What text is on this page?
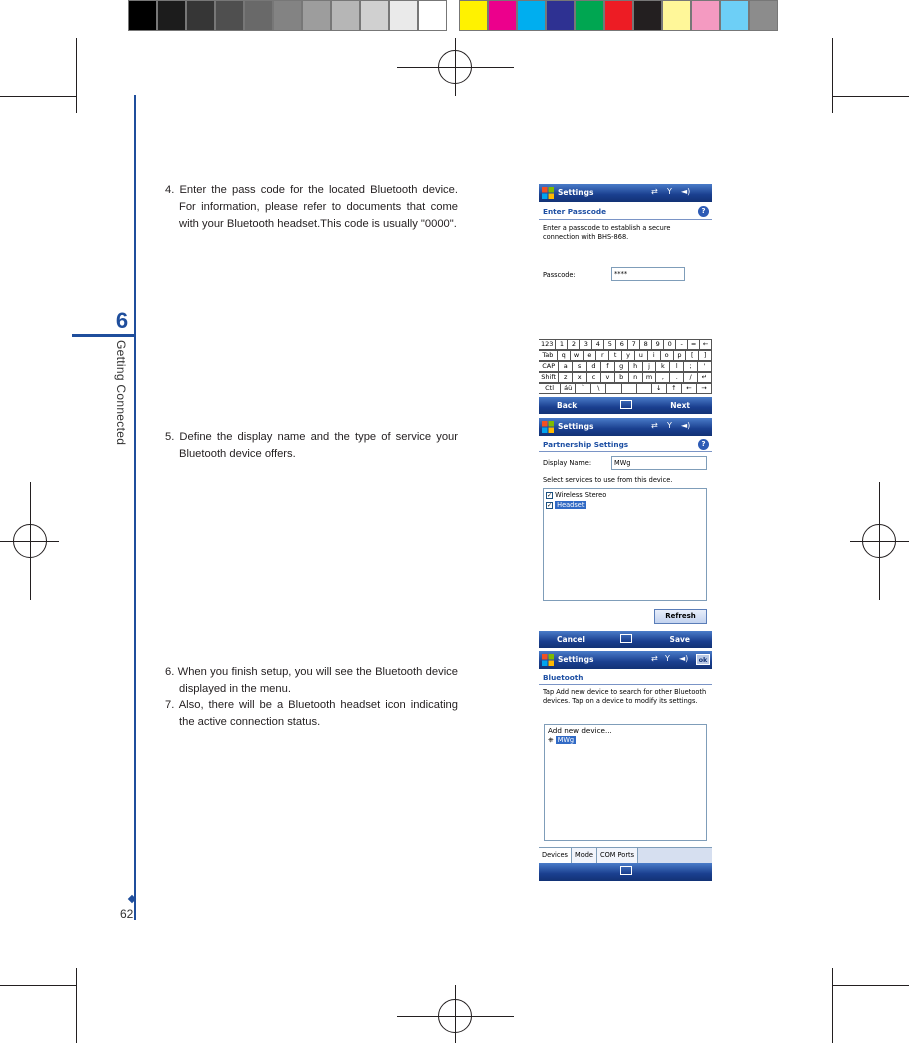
6
Getting Connected
62
4. Enter the pass code for the located Bluetooth device. For information, please refer to documents that come with your Bluetooth headset.This code is usually "0000".
5. Define the display name and the type of service your Bluetooth device offers.
6. When you finish setup, you will see the Bluetooth device displayed in the menu.
7. Also, there will be a Bluetooth headset icon indicating the active connection status.
Settings	⇄ Y ◄)
Enter Passcode	?
Enter a passcode to establish a secure connection with BHS-868.
Passcode:	****
123 1	2	3	4	5	6	7	8	9	0	-	=	←
Tab	q	w	e	r	t	y	u	i	o	p	[	]
CAP	a	s	d	f	g	h	j	k	l	;	'
Shift	z	x	c	v	b	n	m	,	.	/	↵
Ctl	áü	`	\	↓	↑	←	→
Back	Next
Settings	⇄ Y ◄)
Partnership Settings	?
Display Name:	MWg
Select services to use from this device.
✓ Wireless Stereo
✓ Headset
Refresh
Cancel	Save
Settings	⇄ Y ◄)	ok
Bluetooth
Tap Add new device to search for other Bluetooth devices. Tap on a device to modify its settings.
Add new device...
⎈ MWg
Devices	Mode	COM Ports
